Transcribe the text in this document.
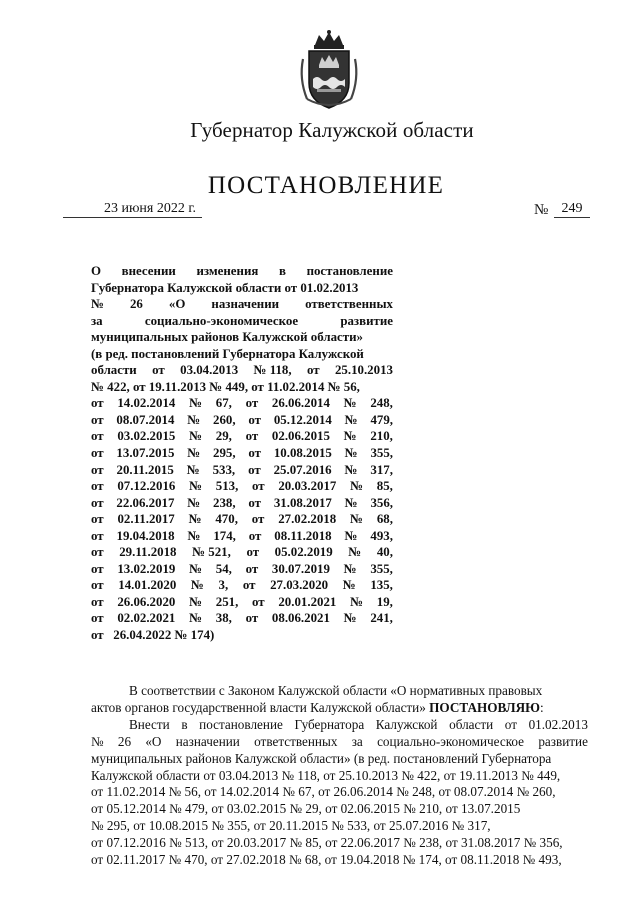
Губернатор Калужской области
ПОСТАНОВЛЕНИЕ
23 июня 2022 г.	№ 249
О внесении изменения в постановление
Губернатора Калужской области от 01.02.2013
№ 26 «О назначении ответственных
за	социально-экономическое	развитие
муниципальных районов Калужской области»
(в ред. постановлений Губернатора Калужской
области от 03.04.2013 № 118, от 25.10.2013
№ 422, от 19.11.2013 № 449, от 11.02.2014 № 56,
от 14.02.2014 № 67, от 26.06.2014 № 248,
от 08.07.2014 № 260, от 05.12.2014 № 479,
от 03.02.2015 № 29, от 02.06.2015 № 210,
от 13.07.2015 № 295, от 10.08.2015 № 355,
от 20.11.2015 № 533, от 25.07.2016 № 317,
от 07.12.2016 № 513, от 20.03.2017 № 85,
от 22.06.2017 № 238, от 31.08.2017 № 356,
от 02.11.2017 № 470, от 27.02.2018 № 68,
от 19.04.2018 № 174, от 08.11.2018 № 493,
от 29.11.2018 № 521, от 05.02.2019 № 40,
от 13.02.2019 № 54, от 30.07.2019 № 355,
от 14.01.2020 № 3, от 27.03.2020 № 135,
от 26.06.2020 № 251, от 20.01.2021 № 19,
от 02.02.2021 № 38, от 08.06.2021 № 241,
от   26.04.2022 № 174)
В соответствии с Законом Калужской области «О нормативных правовых
актов органов государственной власти Калужской области» ПОСТАНОВЛЯЮ :
Внести в постановление Губернатора Калужской области от 01.02.2013
№ 26 «О назначении ответственных за социально-экономическое развитие
муниципальных районов Калужской области» (в ред. постановлений Губернатора
Калужской области от 03.04.2013 № 118, от 25.10.2013 № 422, от 19.11.2013 № 449,
от 11.02.2014 № 56, от 14.02.2014 № 67, от 26.06.2014 № 248, от 08.07.2014 № 260,
от 05.12.2014 № 479, от 03.02.2015 № 29, от 02.06.2015 № 210, от 13.07.2015
№ 295, от 10.08.2015 № 355, от 20.11.2015 № 533, от 25.07.2016 № 317,
от 07.12.2016 № 513, от 20.03.2017 № 85, от 22.06.2017 № 238, от 31.08.2017 № 356,
от 02.11.2017 № 470, от 27.02.2018 № 68, от 19.04.2018 № 174, от 08.11.2018 № 493,
